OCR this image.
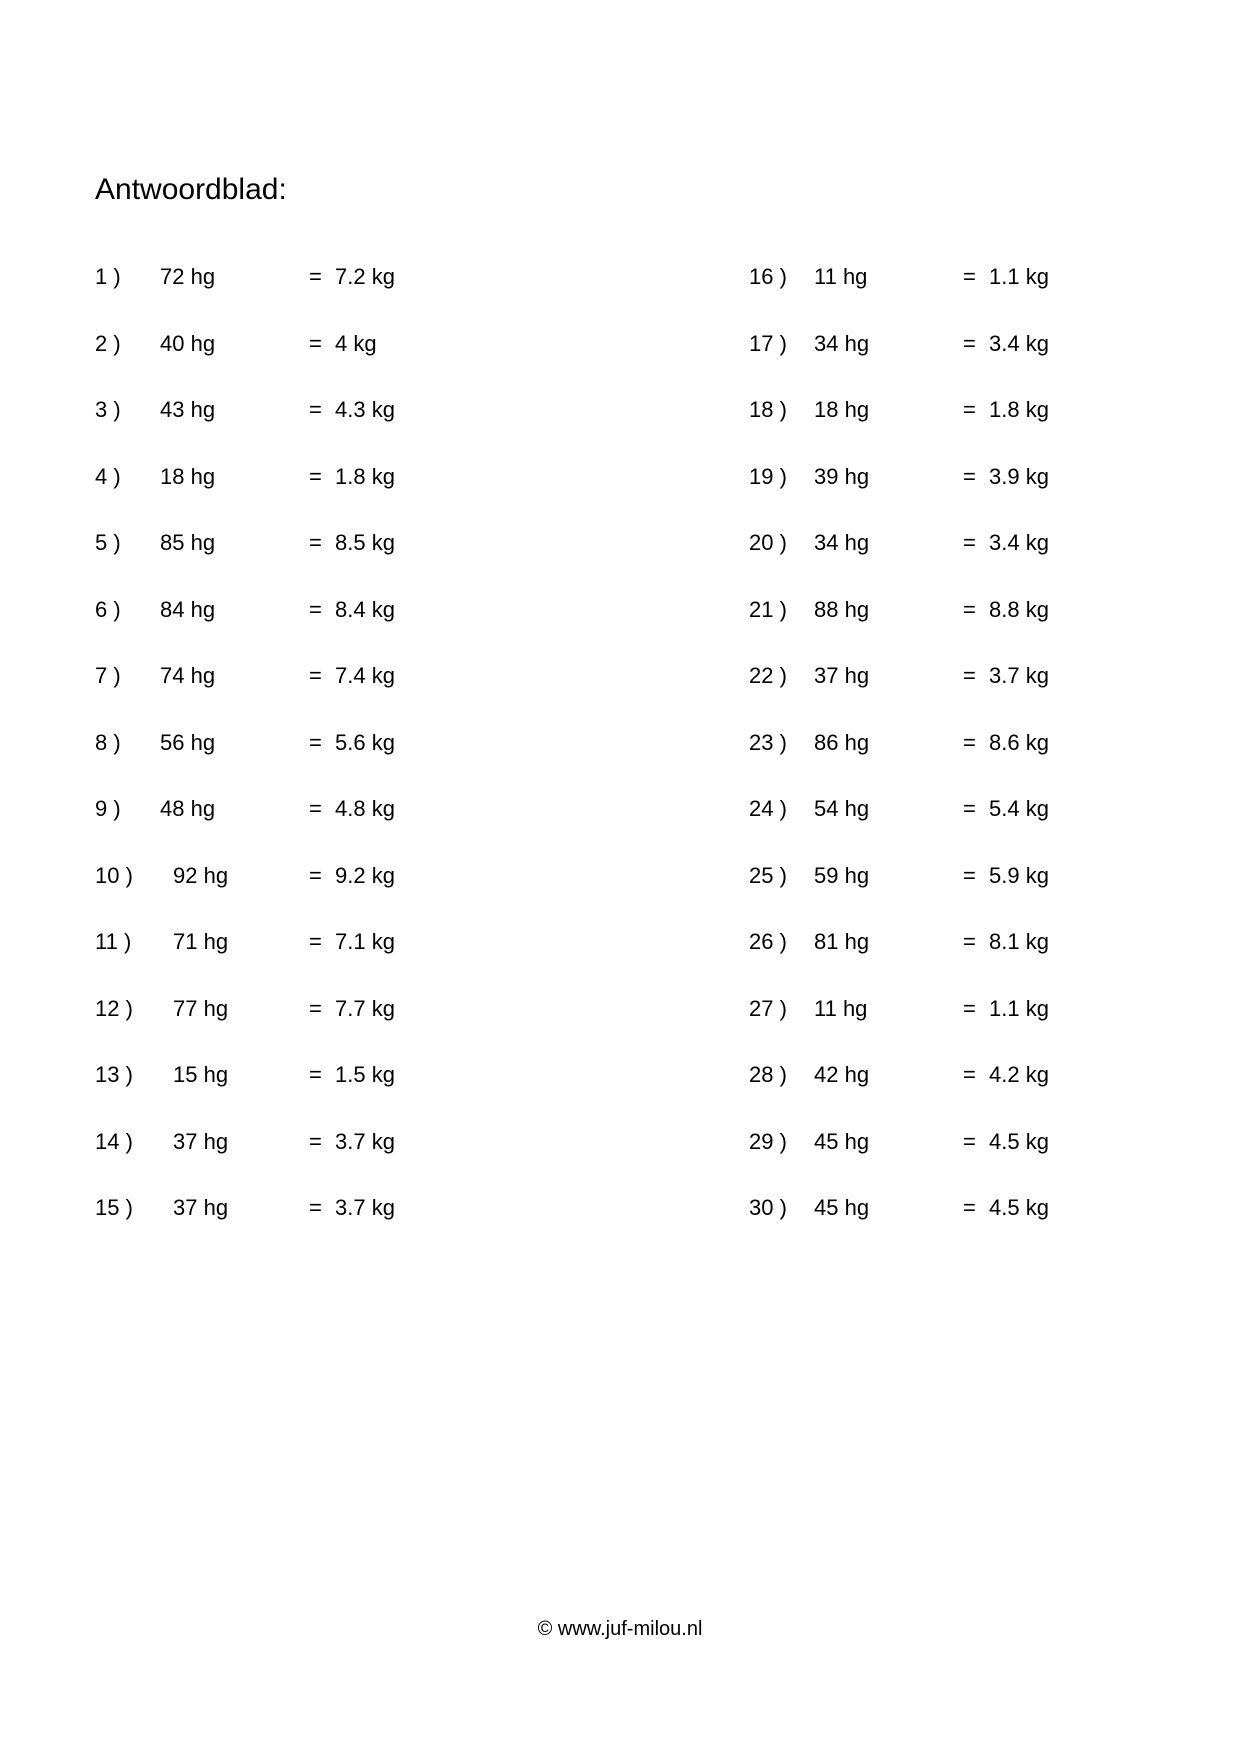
Antwoordblad:
1 ) 72 hg	= 7.2 kg
2 ) 40 hg	= 4 kg
3 ) 43 hg	= 4.3 kg
4 ) 18 hg	= 1.8 kg
5 ) 85 hg	= 8.5 kg
6 ) 84 hg	= 8.4 kg
7 ) 74 hg	= 7.4 kg
8 ) 56 hg	= 5.6 kg
9 ) 48 hg	= 4.8 kg
10 ) 92 hg	= 9.2 kg
11 ) 71 hg	= 7.1 kg
12 ) 77 hg	= 7.7 kg
13 ) 15 hg	= 1.5 kg
14 ) 37 hg	= 3.7 kg
15 ) 37 hg	= 3.7 kg
16 ) 11 hg	= 1.1 kg
17 ) 34 hg	= 3.4 kg
18 ) 18 hg	= 1.8 kg
19 ) 39 hg	= 3.9 kg
20 ) 34 hg	= 3.4 kg
21 ) 88 hg	= 8.8 kg
22 ) 37 hg	= 3.7 kg
23 ) 86 hg	= 8.6 kg
24 ) 54 hg	= 5.4 kg
25 ) 59 hg	= 5.9 kg
26 ) 81 hg	= 8.1 kg
27 ) 11 hg	= 1.1 kg
28 ) 42 hg	= 4.2 kg
29 ) 45 hg	= 4.5 kg
30 ) 45 hg	= 4.5 kg
© www.juf-milou.nl
